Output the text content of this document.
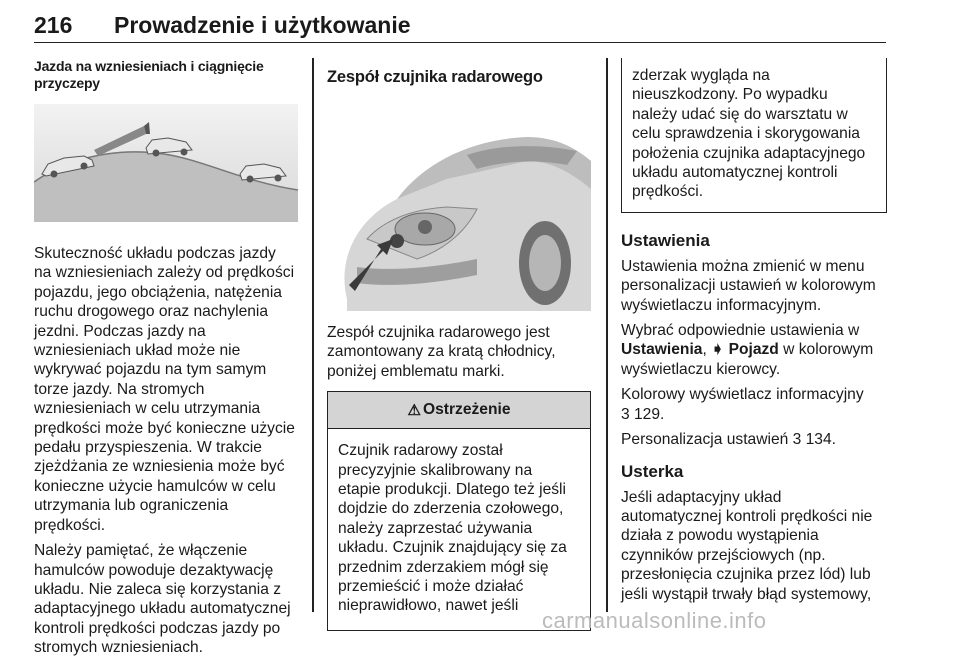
216 Prowadzenie i użytkowanie

Jazda na wzniesieniach i ciągnięcie przyczepy

Skuteczność układu podczas jazdy
na wzniesieniach zależy od prędkości
pojazdu, jego obciążenia, natężenia
ruchu drogowego oraz nachylenia
jezdni. Podczas jazdy na
wzniesieniach układ może nie
wykrywać pojazdu na tym samym
torze jazdy. Na stromych
wzniesieniach w celu utrzymania
prędkości może być konieczne użycie
pedału przyspieszenia. W trakcie
zjeżdżania ze wzniesienia może być
konieczne użycie hamulców w celu
utrzymania lub ograniczenia
prędkości.

Należy pamiętać, że włączenie
hamulców powoduje dezaktywację
układu. Nie zaleca się korzystania z
adaptacyjnego układu automatycznej
kontroli prędkości podczas jazdy po
stromych wzniesieniach.

Zespół czujnika radarowego

Zespół czujnika radarowego jest
zamontowany za kratą chłodnicy,
poniżej emblematu marki.

⚠ Ostrzeżenie
Czujnik radarowy został
precyzyjnie skalibrowany na
etapie produkcji. Dlatego też jeśli
dojdzie do zderzenia czołowego,
należy zaprzestać używania
układu. Czujnik znajdujący się za
przednim zderzakiem mógł się
przemieścić i może działać
nieprawidłowo, nawet jeśli
zderzak wygląda na
nieuszkodzony. Po wypadku
należy udać się do warsztatu w
celu sprawdzenia i skorygowania
położenia czujnika adaptacyjnego
układu automatycznej kontroli
prędkości.

Ustawienia

Ustawienia można zmienić w menu
personalizacji ustawień w kolorowym
wyświetlaczu informacyjnym.

Wybrać odpowiednie ustawienia w
Ustawienia, ➧ Pojazd w kolorowym
wyświetlaczu kierowcy.

Kolorowy wyświetlacz informacyjny
3 129.

Personalizacja ustawień 3 134.

Usterka

Jeśli adaptacyjny układ
automatycznej kontroli prędkości nie
działa z powodu wystąpienia
czynników przejściowych (np.
przesłonięcia czujnika przez lód) lub
jeśli wystąpił trwały błąd systemowy,

carmanualsonline.info
